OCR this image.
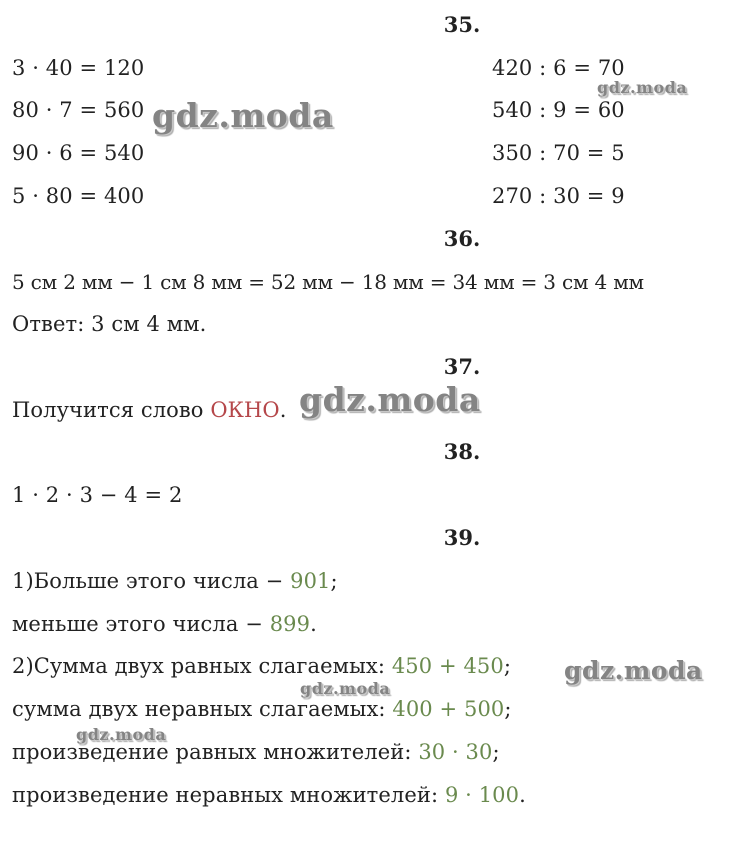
35.
3 · 40 = 120
80 · 7 = 560
90 · 6 = 540
5 · 80 = 400
420 : 6 = 70
540 : 9 = 60
350 : 70 = 5
270 : 30 = 9
36.
5 см 2 мм − 1 см 8 мм = 52 мм − 18 мм = 34 мм = 3 см 4 мм
Ответ: 3 см 4 мм.
37.
Получится слово ОКНО.
38.
1 · 2 · 3 − 4 = 2
39.
1)Больше этого числа − 901;
меньше этого числа − 899.
2)Сумма двух равных слагаемых: 450 + 450;
сумма двух неравных слагаемых: 400 + 500;
произведение равных множителей: 30 · 30;
произведение неравных множителей: 9 · 100.
gdz.moda
gdz.moda
gdz.moda
gdz.moda
gdz.moda
gdz.moda
